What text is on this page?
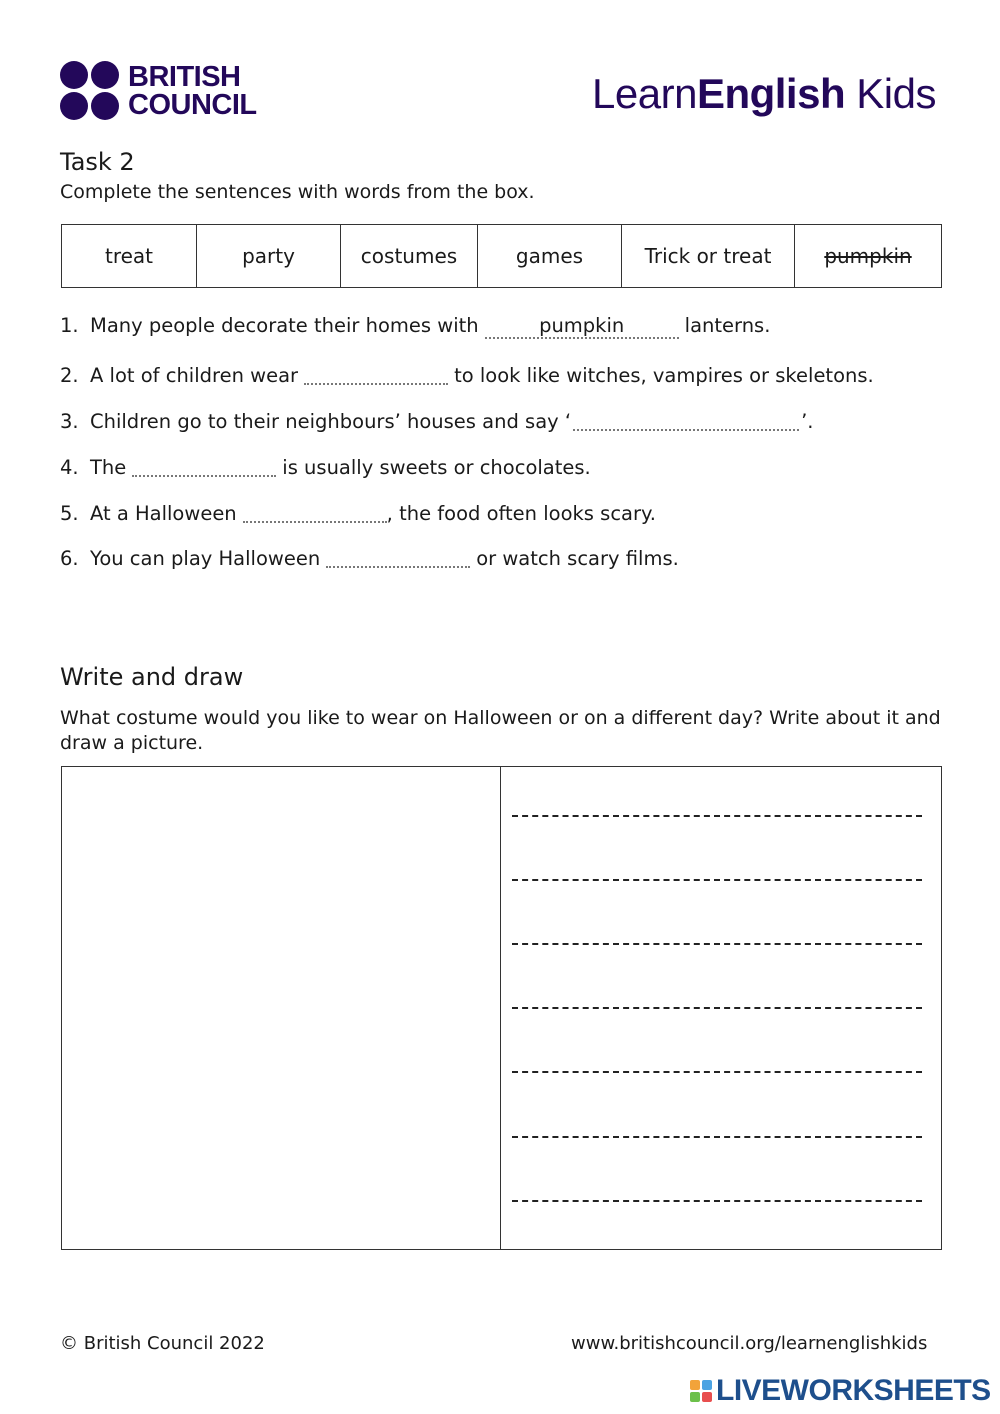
BRITISH
COUNCIL	LearnEnglish Kids
Task 2
Complete the sentences with words from the box.
treat	party	costumes	games	Trick or treat	pumpkin
1. Many people decorate their homes with	pumpkin	lanterns.
2. A lot of children wear	to look like witches, vampires or skeletons.
3. Children go to their neighbours’ houses and say ‘	’.
4. The	is usually sweets or chocolates.
5. At a Halloween	, the food often looks scary.
6. You can play Halloween	or watch scary films.
Write and draw
What costume would you like to wear on Halloween or on a different day? Write about it and draw a picture.
© British Council 2022	www.britishcouncil.org/learnenglishkids
LIVEWORKSHEETS
